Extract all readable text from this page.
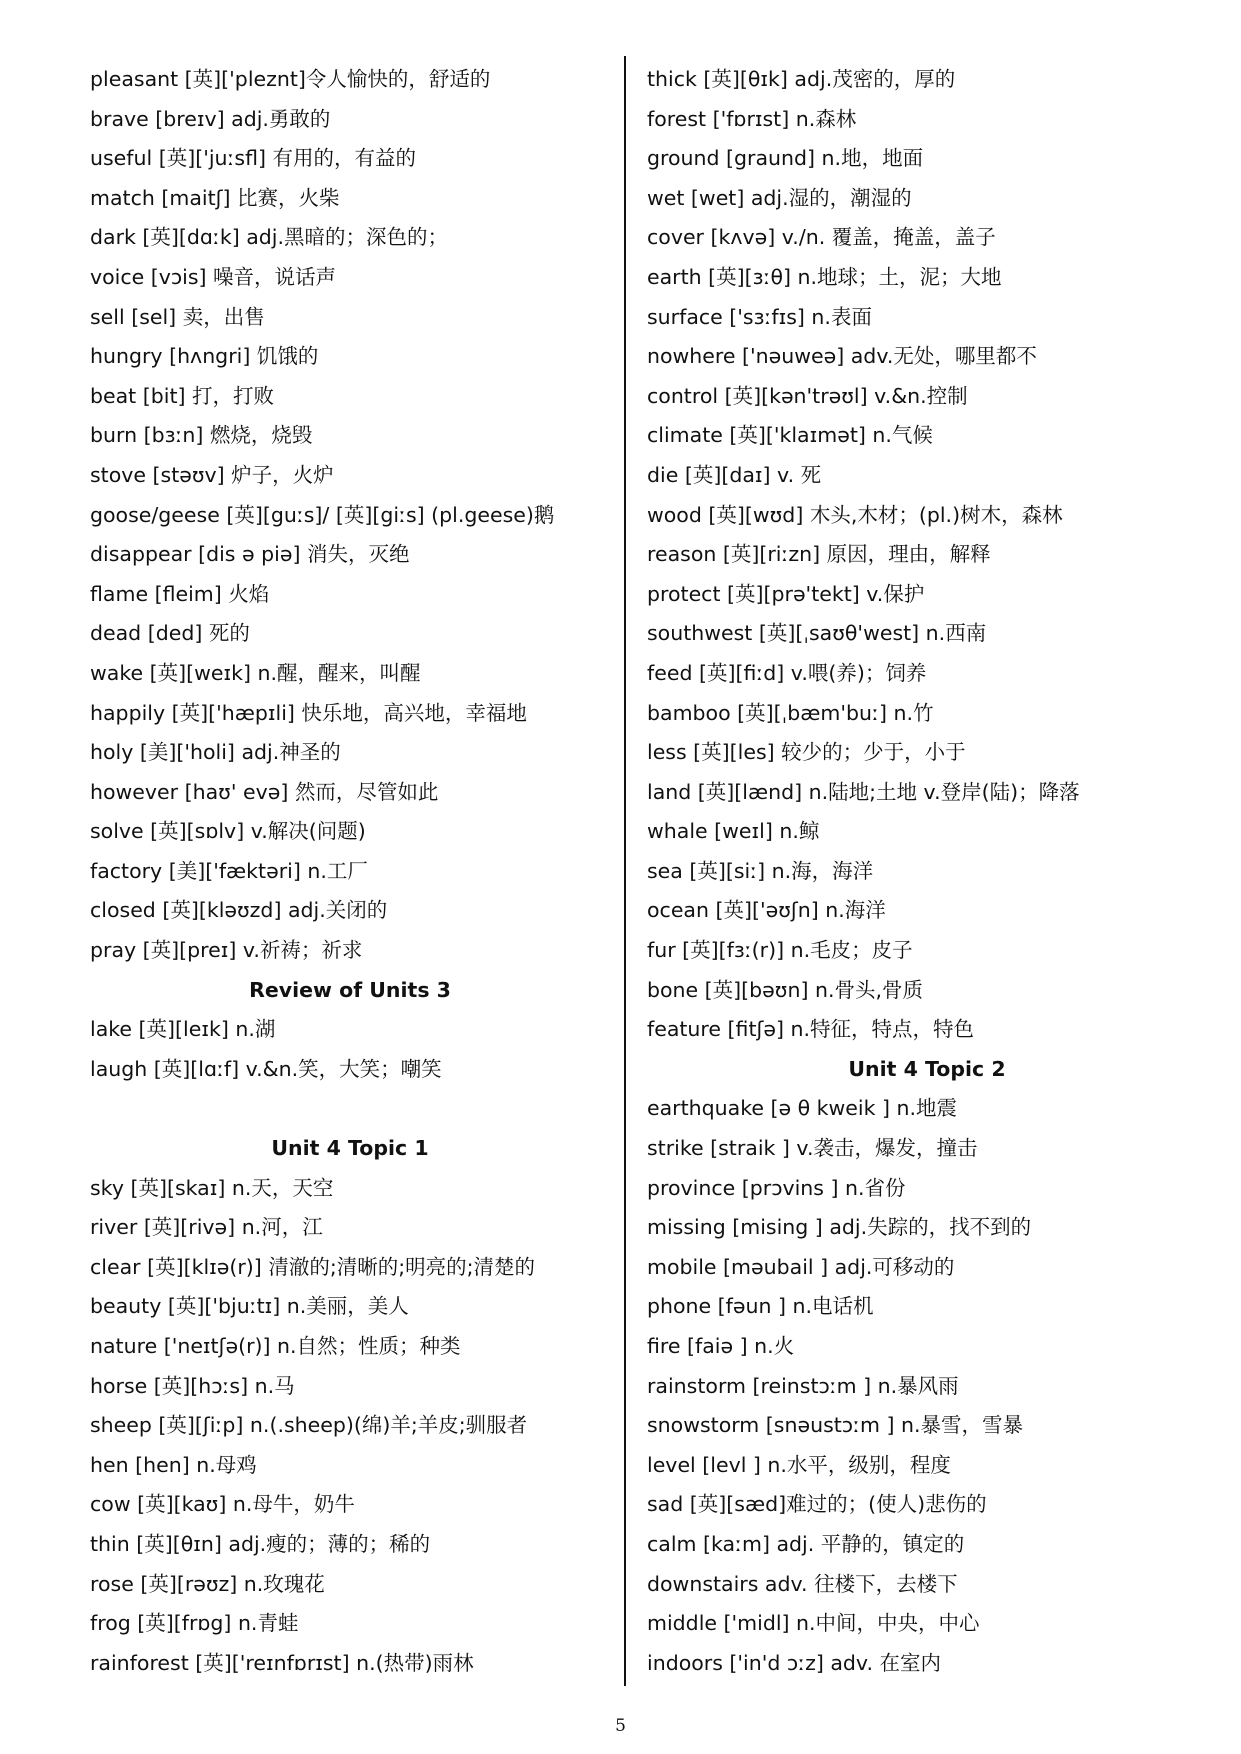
pleasant [英]['pleznt]令人愉快的，舒适的
brave [breɪv] adj.勇敢的
useful [英]['juːsfl] 有用的，有益的
match [maitʃ] 比赛，火柴
dark [英][dɑːk] adj.黑暗的；深色的；
voice [vɔis] 噪音，说话声
sell [sel] 卖，出售
hungry [hʌngri] 饥饿的
beat [bit] 打，打败
burn [bɜːn] 燃烧，烧毁
stove [stəʊv] 炉子，火炉
goose/geese [英][guːs]/ [英][giːs] (pl.geese)鹅
disappear [dis ə piə] 消失，灭绝
flame [fleim] 火焰
dead [ded] 死的
wake [英][weɪk] n.醒，醒来，叫醒
happily [英]['hæpɪli] 快乐地，高兴地，幸福地
holy [美]['holi] adj.神圣的
however [haʊ' evə] 然而，尽管如此
solve [英][sɒlv] v.解决(问题)
factory [美]['fæktəri] n.工厂
closed [英][kləʊzd] adj.关闭的
pray [英][preɪ] v.祈祷；祈求
Review of Units 3
lake [英][leɪk] n.湖
laugh [英][lɑːf] v.&n.笑，大笑；嘲笑
Unit 4 Topic 1
sky [英][skaɪ] n.天，天空
river [英][rivə] n.河，江
clear [英][klɪə(r)] 清澈的;清晰的;明亮的;清楚的
beauty [英]['bjuːtɪ] n.美丽，美人
nature ['neɪtʃə(r)] n.自然；性质；种类
horse [英][hɔːs] n.马
sheep [英][ʃiːp] n.(.sheep)(绵)羊;羊皮;驯服者
hen [hen] n.母鸡
cow [英][kaʊ] n.母牛，奶牛
thin [英][θɪn] adj.瘦的；薄的；稀的
rose [英][rəʊz] n.玫瑰花
frog [英][frɒg] n.青蛙
rainforest [英]['reɪnfɒrɪst] n.(热带)雨林
thick [英][θɪk] adj.茂密的，厚的
forest ['fɒrɪst] n.森林
ground [graund] n.地，地面
wet [wet] adj.湿的，潮湿的
cover [kʌvə] v./n. 覆盖，掩盖，盖子
earth [英][ɜːθ] n.地球；土，泥；大地
surface ['sɜːfɪs] n.表面
nowhere ['nəuweə] adv.无处，哪里都不
control [英][kən'trəʊl] v.&n.控制
climate [英]['klaɪmət] n.气候
die [英][daɪ] v. 死
wood [英][wʊd] 木头,木材；(pl.)树木，森林
reason [英][riːzn] 原因，理由，解释
protect [英][prə'tekt] v.保护
southwest [英][ˌsaʊθ'west] n.西南
feed [英][fiːd] v.喂(养)；饲养
bamboo [英][ˌbæm'buː] n.竹
less [英][les] 较少的；少于，小于
land [英][lænd] n.陆地;土地 v.登岸(陆)；降落
whale [weɪl] n.鲸
sea [英][siː] n.海，海洋
ocean [英]['əʊʃn] n.海洋
fur [英][fɜː(r)] n.毛皮；皮子
bone [英][bəʊn] n.骨头,骨质
feature [fitʃə] n.特征，特点，特色
Unit 4 Topic 2
earthquake [ə θ kweik ] n.地震
strike [straik ] v.袭击，爆发，撞击
province [prɔvins ] n.省份
missing [mising ] adj.失踪的，找不到的
mobile [məubail ] adj.可移动的
phone [fəun ] n.电话机
fire [faiə ] n.火
rainstorm [reinstɔːm ] n.暴风雨
snowstorm [snəustɔːm ] n.暴雪，雪暴
level [levl ] n.水平，级别，程度
sad [英][sæd]难过的；(使人)悲伤的
calm [kaːm] adj. 平静的，镇定的
downstairs adv. 往楼下，去楼下
middle ['midl] n.中间，中央，中心
indoors ['in'd ɔːz] adv. 在室内
5
